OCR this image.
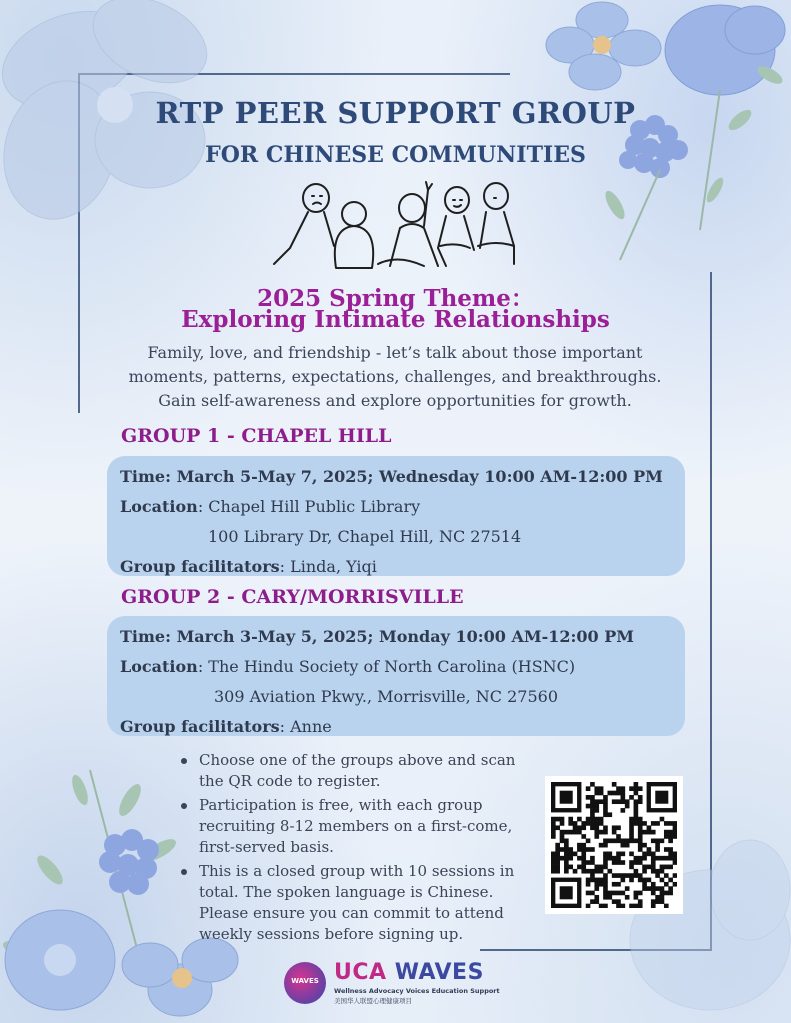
RTP PEER SUPPORT GROUP
FOR CHINESE COMMUNITIES
2025 Spring Theme：
Exploring Intimate Relationships
Family, love, and friendship - let’s talk about those important
moments, patterns, expectations, challenges, and breakthroughs.
Gain self-awareness and explore opportunities for growth.
GROUP 1 - CHAPEL HILL
Time: March 5-May 7, 2025; Wednesday 10:00 AM-12:00 PM
Location: Chapel Hill Public Library
100 Library Dr, Chapel Hill, NC 27514
Group facilitators: Linda, Yiqi
GROUP 2 - CARY/MORRISVILLE
Time: March 3-May 5, 2025; Monday 10:00 AM-12:00 PM
Location: The Hindu Society of North Carolina (HSNC)
309 Aviation Pkwy., Morrisville, NC 27560
Group facilitators: Anne
Choose one of the groups above and scan
the QR code to register.
Participation is free, with each group
recruiting 8-12 members on a first-come,
first-served basis.
This is a closed group with 10 sessions in
total. The spoken language is Chinese.
Please ensure you can commit to attend
weekly sessions before signing up.
WAVES UCA WAVES
Wellness Advocacy Voices Education Support
美国华人联盟心理健康项目
